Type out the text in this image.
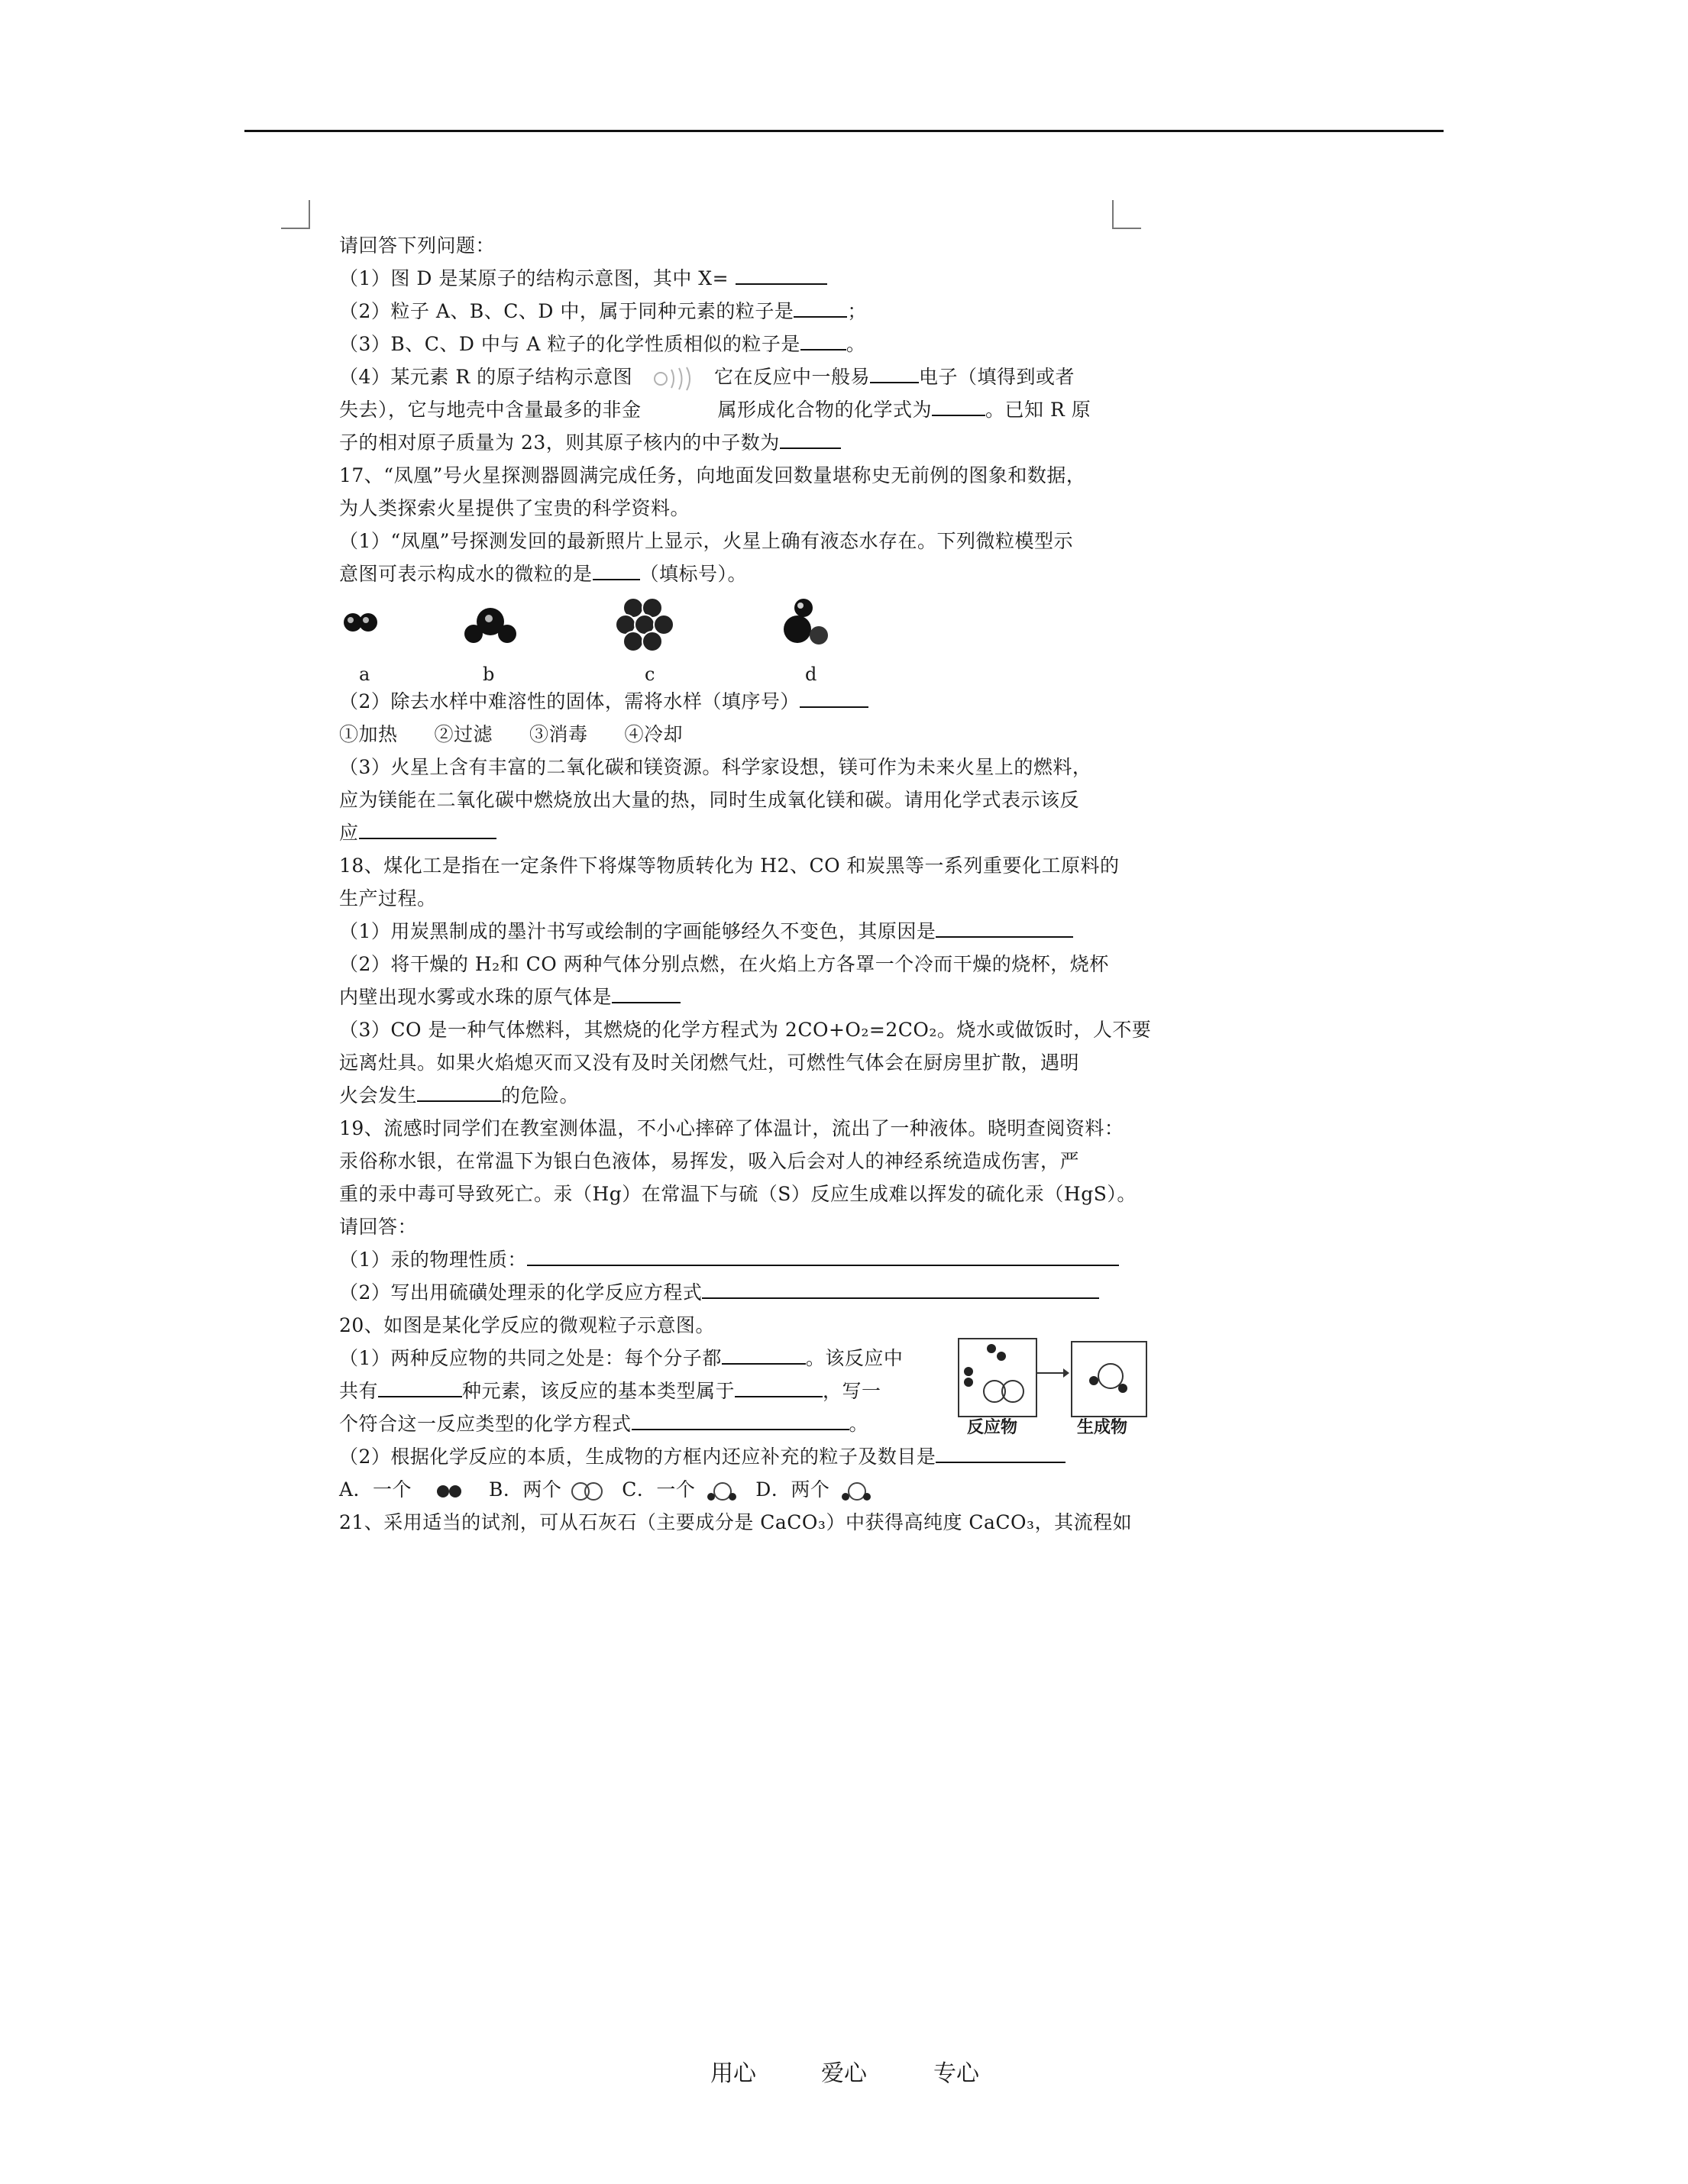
请回答下列问题：
（1）图 D 是某原子的结构示意图，其中 X=
（2）粒子 A、B、C、D 中，属于同种元素的粒子是	；
（3）B、C、D 中与 A 粒子的化学性质相似的粒子是 。
（4）某元素 R 的原子结构示意图	它在反应中一般易	电子（填得到或者
失去），它与地壳中含量最多的非金	属形成化合物的化学式为	。已知 R 原
子的相对原子质量为 23，则其原子核内的中子数为
17、“凤凰”号火星探测器圆满完成任务，向地面发回数量堪称史无前例的图象和数据，
为人类探索火星提供了宝贵的科学资料。
（1）“凤凰”号探测发回的最新照片上显示，火星上确有液态水存在。下列微粒模型示
意图可表示构成水的微粒的是 （填标号）。
a	b	c	d
（2）除去水样中难溶性的固体，需将水样（填序号）
①加热 ②过滤 ③消毒 ④冷却
（3）火星上含有丰富的二氧化碳和镁资源。科学家设想，镁可作为未来火星上的燃料，
应为镁能在二氧化碳中燃烧放出大量的热，同时生成氧化镁和碳。请用化学式表示该反
应
18、煤化工是指在一定条件下将煤等物质转化为 H2、CO 和炭黑等一系列重要化工原料的
生产过程。
（1）用炭黑制成的墨汁书写或绘制的字画能够经久不变色，其原因是
（2）将干燥的 H₂和 CO 两种气体分别点燃，在火焰上方各罩一个冷而干燥的烧杯，烧杯
内壁出现水雾或水珠的原气体是
（3）CO 是一种气体燃料，其燃烧的化学方程式为 2CO+O₂=2CO₂。烧水或做饭时，人不要
远离灶具。如果火焰熄灭而又没有及时关闭燃气灶，可燃性气体会在厨房里扩散，遇明
火会发生	的危险。
19、流感时同学们在教室测体温，不小心摔碎了体温计，流出了一种液体。晓明查阅资料：
汞俗称水银，在常温下为银白色液体，易挥发，吸入后会对人的神经系统造成伤害，严
重的汞中毒可导致死亡。汞（Hg）在常温下与硫（S）反应生成难以挥发的硫化汞（HgS）。
请回答：
（1）汞的物理性质：
（2）写出用硫磺处理汞的化学反应方程式
20、如图是某化学反应的微观粒子示意图。
（1）两种反应物的共同之处是：每个分子都	。该反应中
共有	种元素，该反应的基本类型属于	，写一
个符合这一反应类型的化学方程式	。
（2）根据化学反应的本质，生成物的方框内还应补充的粒子及数目是
A．一个	B．两个	C．一个	D．两个
21、采用适当的试剂，可从石灰石（主要成分是 CaCO₃）中获得高纯度 CaCO₃，其流程如
反应物	生成物
用心	爱心	专心
